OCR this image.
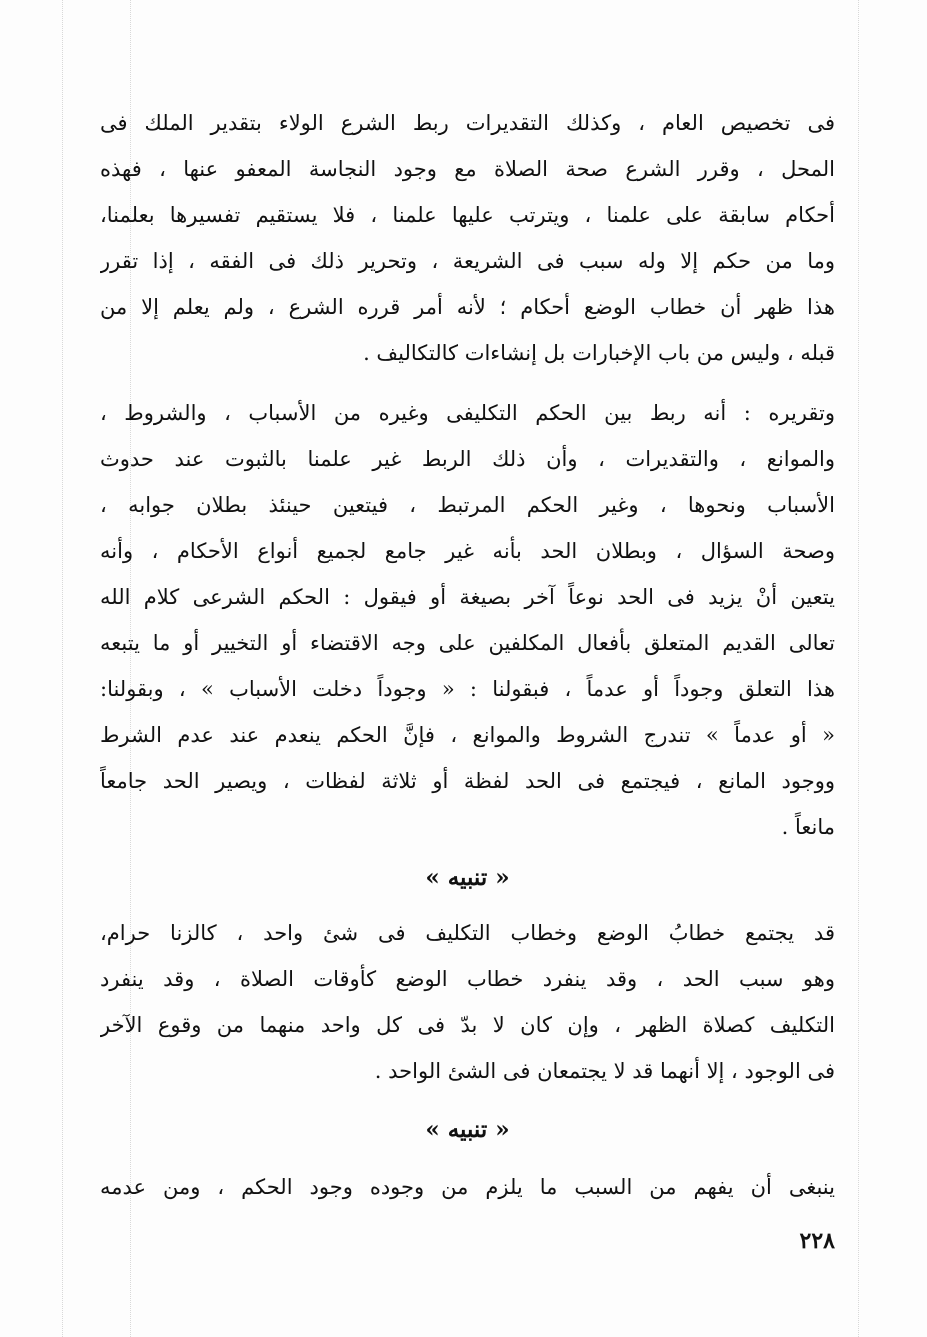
فى تخصيص العام ، وكذلك التقديرات ربط الشرع الولاء بتقدير الملك فى
المحل ، وقرر الشرع صحة الصلاة مع وجود النجاسة المعفو عنها ، فهذه
أحكام سابقة على علمنا ، ويترتب عليها علمنا ، فلا يستقيم تفسيرها بعلمنا،
وما من حكم إلا وله سبب فى الشريعة ، وتحرير ذلك فى الفقه ، إذا تقرر
هذا ظهر أن خطاب الوضع أحكام ؛ لأنه أمر قرره الشرع ، ولم يعلم إلا من
قبله ، وليس من باب الإخبارات بل إنشاءات كالتكاليف .
وتقريره : أنه ربط بين الحكم التكليفى وغيره من الأسباب ، والشروط ،
والموانع ، والتقديرات ، وأن ذلك الربط غير علمنا بالثبوت عند حدوث
الأسباب ونحوها ، وغير الحكم المرتبط ، فيتعين حينئذ بطلان جوابه ،
وصحة السؤال ، وبطلان الحد بأنه غير جامع لجميع أنواع الأحكام ، وأنه
يتعين أنْ يزيد فى الحد نوعاً آخر بصيغة أو فيقول : الحكم الشرعى كلام الله
تعالى القديم المتعلق بأفعال المكلفين على وجه الاقتضاء أو التخيير أو ما يتبعه
هذا التعلق وجوداً أو عدماً ، فبقولنا : « وجوداً دخلت الأسباب » ، وبقولنا:
« أو عدماً » تندرج الشروط والموانع ، فإنَّ الحكم ينعدم عند عدم الشرط
ووجود المانع ، فيجتمع فى الحد لفظة أو ثلاثة لفظات ، ويصير الحد جامعاً
مانعاً .
« تنبيه »
قد يجتمع خطابُ الوضع وخطاب التكليف فى شئ واحد ، كالزنا حرام،
وهو سبب الحد ، وقد ينفرد خطاب الوضع كأوقات الصلاة ، وقد ينفرد
التكليف كصلاة الظهر ، وإن كان لا بدّ فى كل واحد منهما من وقوع الآخر
فى الوجود ، إلا أنهما قد لا يجتمعان فى الشئ الواحد .
« تنبيه »
ينبغى أن يفهم من السبب ما يلزم من وجوده وجود الحكم ، ومن عدمه
٢٢٨
